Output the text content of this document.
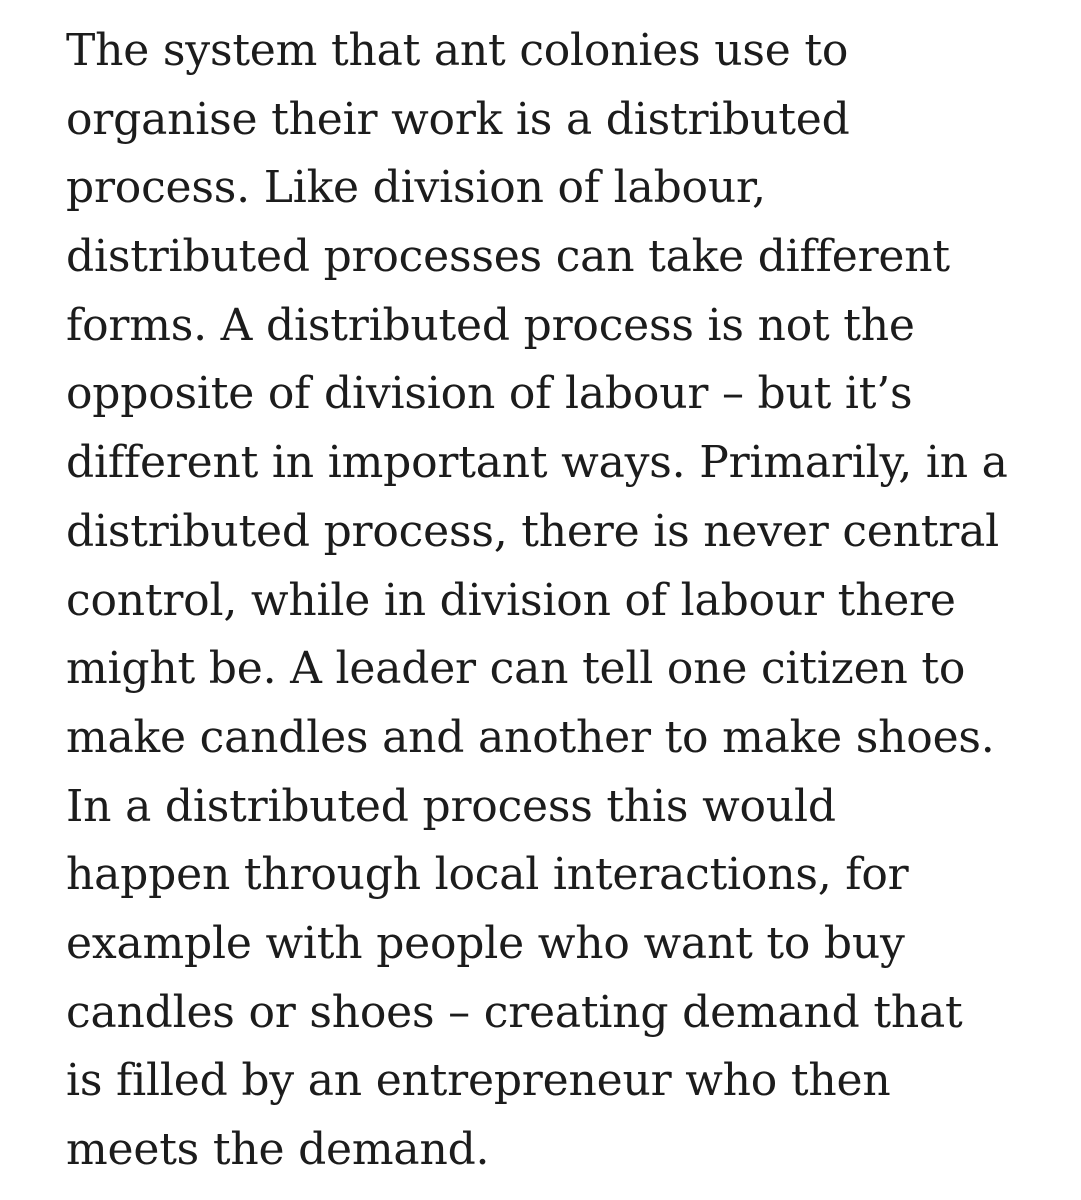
The system that ant colonies use to
organise their work is a distributed
process. Like division of labour,
distributed processes can take different
forms. A distributed process is not the
opposite of division of labour – but it’s
different in important ways. Primarily, in a
distributed process, there is never central
control, while in division of labour there
might be. A leader can tell one citizen to
make candles and another to make shoes.
In a distributed process this would
happen through local interactions, for
example with people who want to buy
candles or shoes – creating demand that
is filled by an entrepreneur who then
meets the demand.
